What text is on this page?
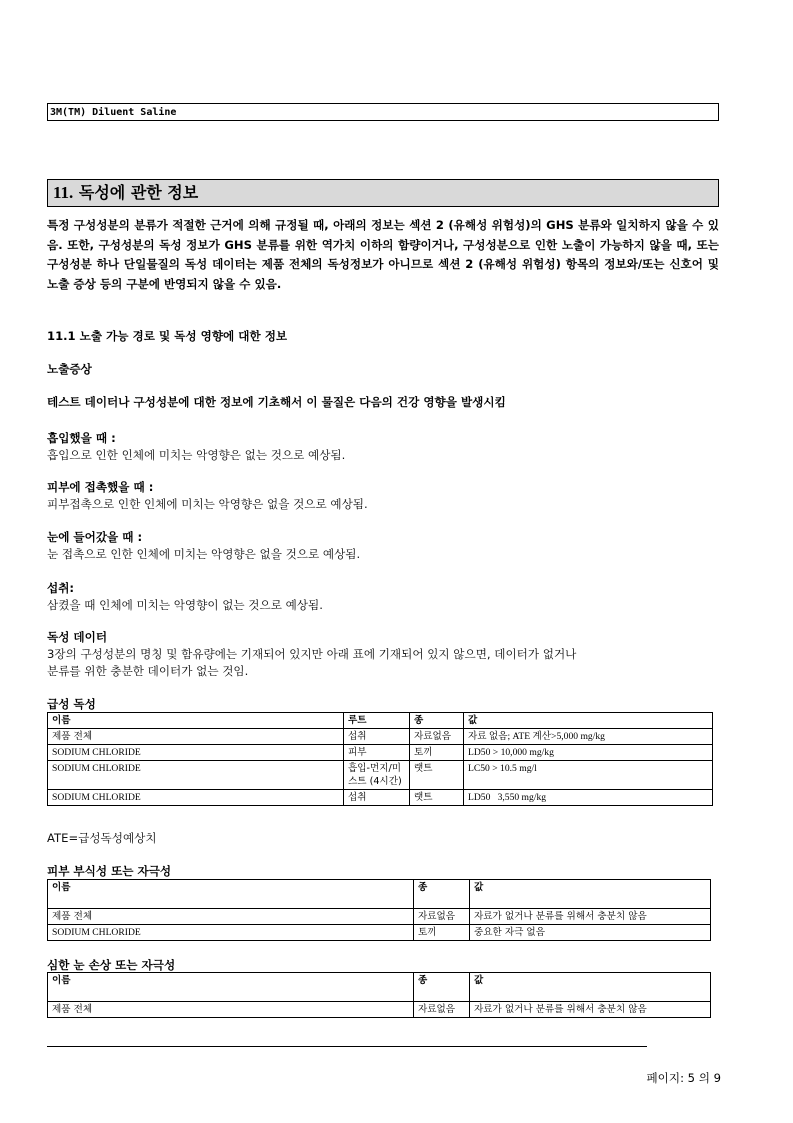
3M(TM) Diluent Saline
11. 독성에 관한 정보
특정 구성성분의 분류가 적절한 근거에 의해 규정될 때, 아래의 정보는 섹션 2 (유해성 위험성)의 GHS 분류와 일치하지 않을 수 있음. 또한, 구성성분의 독성 정보가 GHS 분류를 위한 역가치 이하의 함량이거나, 구성성분으로 인한 노출이 가능하지 않을 때, 또는 구성성분 하나 단일물질의 독성 데이터는 제품 전체의 독성정보가 아니므로 섹션 2 (유해성 위험성) 항목의 정보와/또는 신호어 및 노출 증상 등의 구분에 반영되지 않을 수 있음.
11.1 노출 가능 경로 및 독성 영향에 대한 정보
노출증상
테스트 데이터나 구성성분에 대한 정보에 기초해서 이 물질은 다음의 건강 영향을 발생시킴
흡입했을 때 :
흡입으로 인한 인체에 미치는 악영향은 없는 것으로 예상됨.
피부에 접촉했을 때 :
피부접촉으로 인한 인체에 미치는 악영향은 없을 것으로 예상됨.
눈에 들어갔을 때 :
눈 접촉으로 인한 인체에 미치는 악영향은 없을 것으로 예상됨.
섭취:
삼켰을 때 인체에 미치는 악영향이 없는 것으로 예상됨.
독성 데이터
3장의 구성성분의 명칭 및 함유량에는 기재되어 있지만 아래 표에 기재되어 있지 않으면, 데이터가 없거나
분류를 위한 충분한 데이터가 없는 것임.
급성 독성
이름	루트	종	값
제품 전체	섭취	자료없음	자료 없음; ATE 계산>5,000 mg/kg
SODIUM CHLORIDE	피부	토끼	LD50 > 10,000 mg/kg
SODIUM CHLORIDE	흡입-먼지/미스트 (4시간)	랫트	LC50 > 10.5 mg/l
SODIUM CHLORIDE	섭취	랫트	LD50   3,550 mg/kg
ATE=급성독성예상치
피부 부식성 또는 자극성
이름	종	값
제품 전체	자료없음	자료가 없거나 분류를 위해서 충분치 않음
SODIUM CHLORIDE	토끼	중요한 자극 없음
심한 눈 손상 또는 자극성
이름	종	값
제품 전체	자료없음	자료가 없거나 분류를 위해서 충분치 않음
페이지: 5 의 9
